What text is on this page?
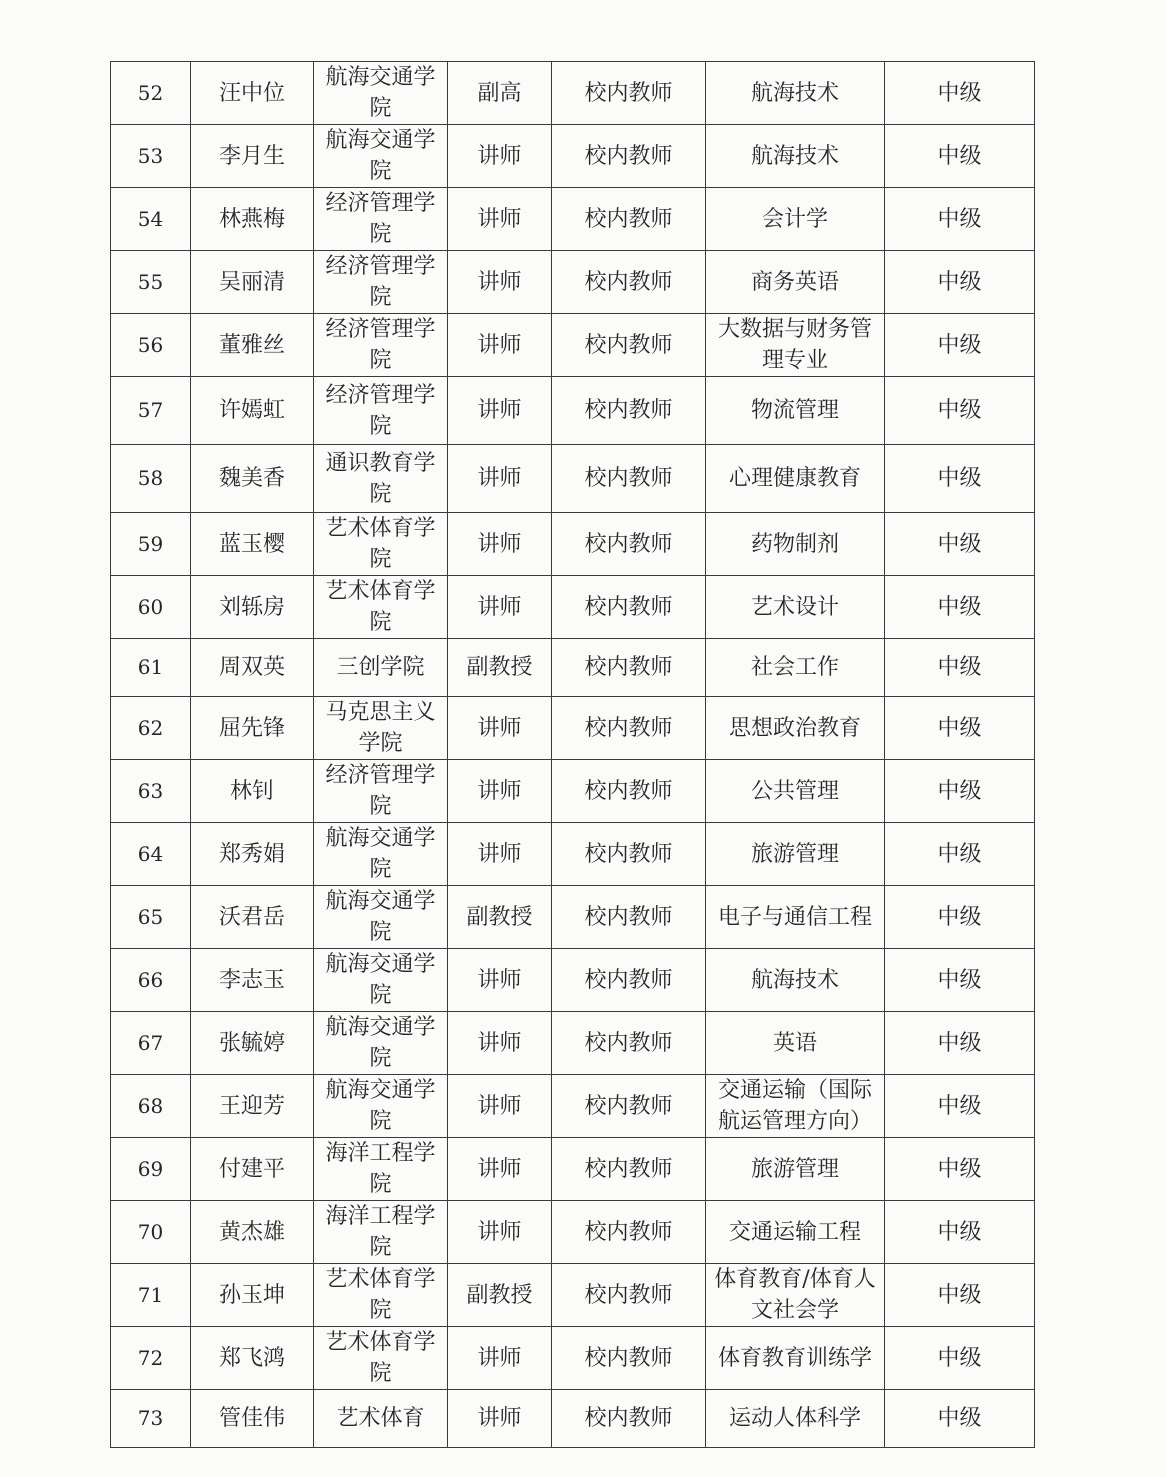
52	汪中位	航海交通学院	副高	校内教师	航海技术	中级
53	李月生	航海交通学院	讲师	校内教师	航海技术	中级
54	林燕梅	经济管理学院	讲师	校内教师	会计学	中级
55	吴丽清	经济管理学院	讲师	校内教师	商务英语	中级
56	董雅丝	经济管理学院	讲师	校内教师	大数据与财务管理专业	中级
57	许嫣虹	经济管理学院	讲师	校内教师	物流管理	中级
58	魏美香	通识教育学院	讲师	校内教师	心理健康教育	中级
59	蓝玉樱	艺术体育学院	讲师	校内教师	药物制剂	中级
60	刘轹房	艺术体育学院	讲师	校内教师	艺术设计	中级
61	周双英	三创学院	副教授	校内教师	社会工作	中级
62	屈先锋	马克思主义学院	讲师	校内教师	思想政治教育	中级
63	林钊	经济管理学院	讲师	校内教师	公共管理	中级
64	郑秀娟	航海交通学院	讲师	校内教师	旅游管理	中级
65	沃君岳	航海交通学院	副教授	校内教师	电子与通信工程	中级
66	李志玉	航海交通学院	讲师	校内教师	航海技术	中级
67	张毓婷	航海交通学院	讲师	校内教师	英语	中级
68	王迎芳	航海交通学院	讲师	校内教师	交通运输（国际航运管理方向）	中级
69	付建平	海洋工程学院	讲师	校内教师	旅游管理	中级
70	黄杰雄	海洋工程学院	讲师	校内教师	交通运输工程	中级
71	孙玉坤	艺术体育学院	副教授	校内教师	体育教育/体育人文社会学	中级
72	郑飞鸿	艺术体育学院	讲师	校内教师	体育教育训练学	中级
73	管佳伟	艺术体育	讲师	校内教师	运动人体科学	中级
